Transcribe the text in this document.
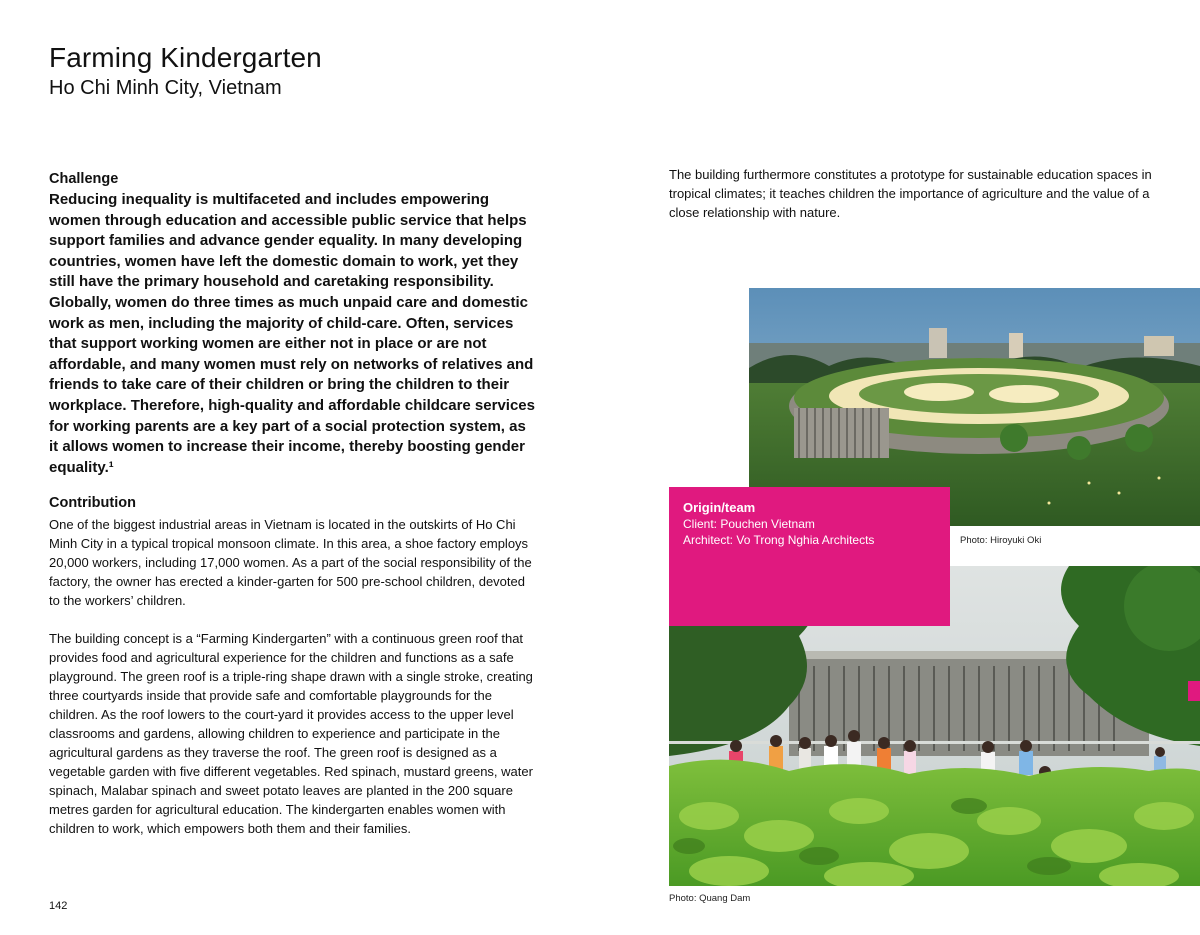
Farming Kindergarten
Ho Chi Minh City, Vietnam

Challenge

Reducing inequality is multifaceted and includes empowering women through education and accessible public service that helps support families and advance gender equality. In many developing countries, women have left the domestic domain to work, yet they still have the primary household and caretaking responsibility. Globally, women do three times as much unpaid care and domestic work as men, including the majority of child-care. Often, services that support working women are either not in place or are not affordable, and many women must rely on networks of relatives and friends to take care of their children or bring the children to their workplace. Therefore, high-quality and affordable childcare services for working parents are a key part of a social protection system, as it allows women to increase their income, thereby boosting gender equality.¹

Contribution

One of the biggest industrial areas in Vietnam is located in the outskirts of Ho Chi Minh City in a typical tropical monsoon climate. In this area, a shoe factory employs 20,000 workers, including 17,000 women. As a part of the social responsibility of the factory, the owner has erected a kinder-garten for 500 pre-school children, devoted to the workers’ children.

The building concept is a “Farming Kindergarten” with a continuous green roof that provides food and agricultural experience for the children and functions as a safe playground. The green roof is a triple-ring shape drawn with a single stroke, creating three courtyards inside that provide safe and comfortable playgrounds for the children. As the roof lowers to the court-yard it provides access to the upper level classrooms and gardens, allowing children to experience and participate in the agricultural gardens as they traverse the roof. The green roof is designed as a vegetable garden with five different vegetables. Red spinach, mustard greens, water spinach, Malabar spinach and sweet potato leaves are planted in the 200 square metres garden for agricultural education. The kindergarten enables women with children to work, which empowers both them and their families.

The building furthermore constitutes a prototype for sustainable education spaces in tropical climates; it teaches children the importance of agriculture and the value of a close relationship with nature.

Photo: Hiroyuki Oki
Photo: Quang Dam
Origin/team
Client: Pouchen Vietnam
Architect: Vo Trong Nghia Architects
142
